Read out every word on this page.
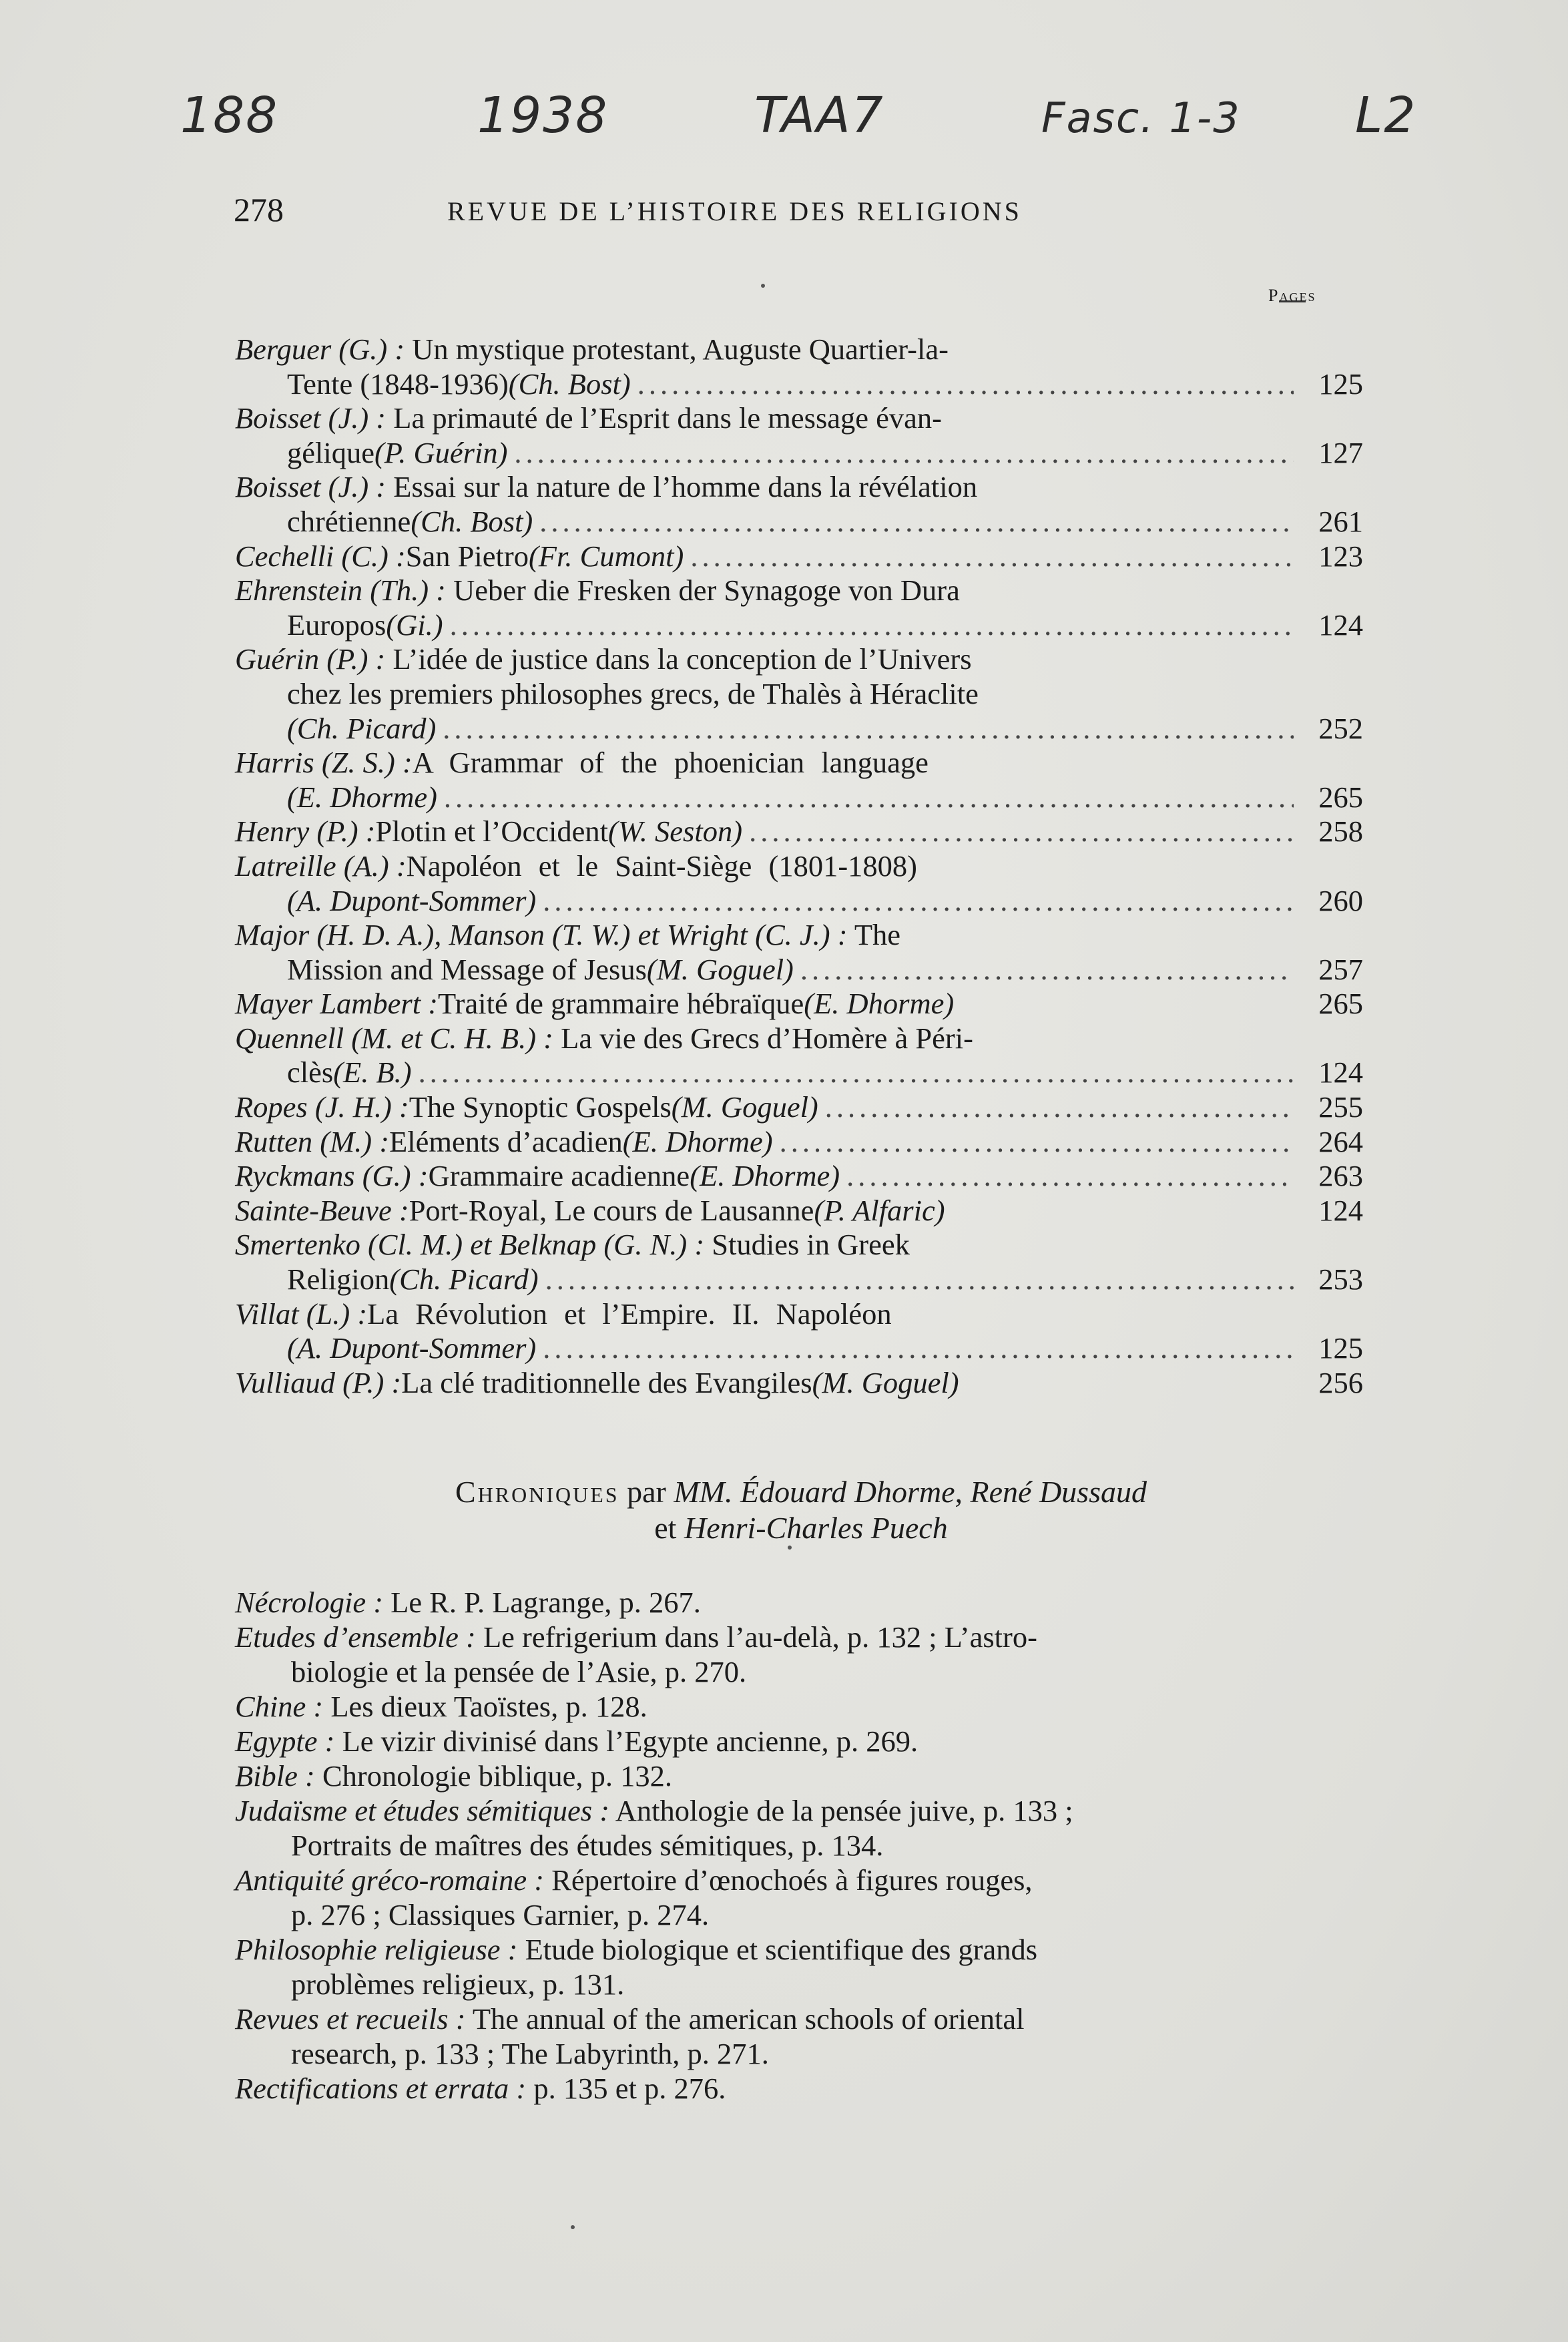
188	1938	TAA7	Fasc. 1-3 L2
278	REVUE DE L’HISTOIRE DES RELIGIONS
Pages
Berguer (G.) : Un mystique protestant, Auguste Quartier-la-
Tente (1848-1936) (Ch. Bost) .....	125
Boisset (J.) : La primauté de l’Esprit dans le message évan-
gélique (P. Guérin) .....	127
Boisset (J.) : Essai sur la nature de l’homme dans la révélation
chrétienne (Ch. Bost) .....	261
Cechelli (C.) : San Pietro (Fr. Cumont) .....	123
Ehrenstein (Th.) : Ueber die Fresken der Synagoge von Dura
Europos (Gi.) .....	124
Guérin (P.) : L’idée de justice dans la conception de l’Univers
chez les premiers philosophes grecs, de Thalès à Héraclite
(Ch. Picard) .....	252
Harris (Z. S.) : A Grammar of the phoenician language
(E. Dhorme) .....	265
Henry (P.) : Plotin et l’Occident (W. Seston) .....	258
Latreille (A.) : Napoléon et le Saint-Siège (1801-1808)
(A. Dupont-Sommer) .....	260
Major (H. D. A.), Manson (T. W.) et Wright (C. J.) : The
Mission and Message of Jesus (M. Goguel) .....	257
Mayer Lambert : Traité de grammaire hébraïque (E. Dhorme)	265
Quennell (M. et C. H. B.) : La vie des Grecs d’Homère à Péri-
clès (E. B.) .....	124
Ropes (J. H.) : The Synoptic Gospels (M. Goguel) .....	255
Rutten (M.) : Eléments d’acadien (E. Dhorme) .....	264
Ryckmans (G.) : Grammaire acadienne (E. Dhorme) .....	263
Sainte-Beuve : Port-Royal, Le cours de Lausanne (P. Alfaric)	124
Smertenko (Cl. M.) et Belknap (G. N.) : Studies in Greek
Religion (Ch. Picard) .....	253
Villat (L.) : La Révolution et l’Empire. II. Napoléon
(A. Dupont-Sommer) .....	125
Vulliaud (P.) : La clé traditionnelle des Evangiles (M. Goguel)	256
Chroniques par MM. Édouard Dhorme, René Dussaud
et Henri-Charles Puech
Nécrologie : Le R. P. Lagrange, p. 267.
Etudes d’ensemble : Le refrigerium dans l’au-delà, p. 132 ; L’astro-
biologie et la pensée de l’Asie, p. 270.
Chine : Les dieux Taoïstes, p. 128.
Egypte : Le vizir divinisé dans l’Egypte ancienne, p. 269.
Bible : Chronologie biblique, p. 132.
Judaïsme et études sémitiques : Anthologie de la pensée juive, p. 133 ;
Portraits de maîtres des études sémitiques, p. 134.
Antiquité gréco-romaine : Répertoire d’œnochoés à figures rouges,
p. 276 ; Classiques Garnier, p. 274.
Philosophie religieuse : Etude biologique et scientifique des grands
problèmes religieux, p. 131.
Revues et recueils : The annual of the american schools of oriental
research, p. 133 ; The Labyrinth, p. 271.
Rectifications et errata : p. 135 et p. 276.
